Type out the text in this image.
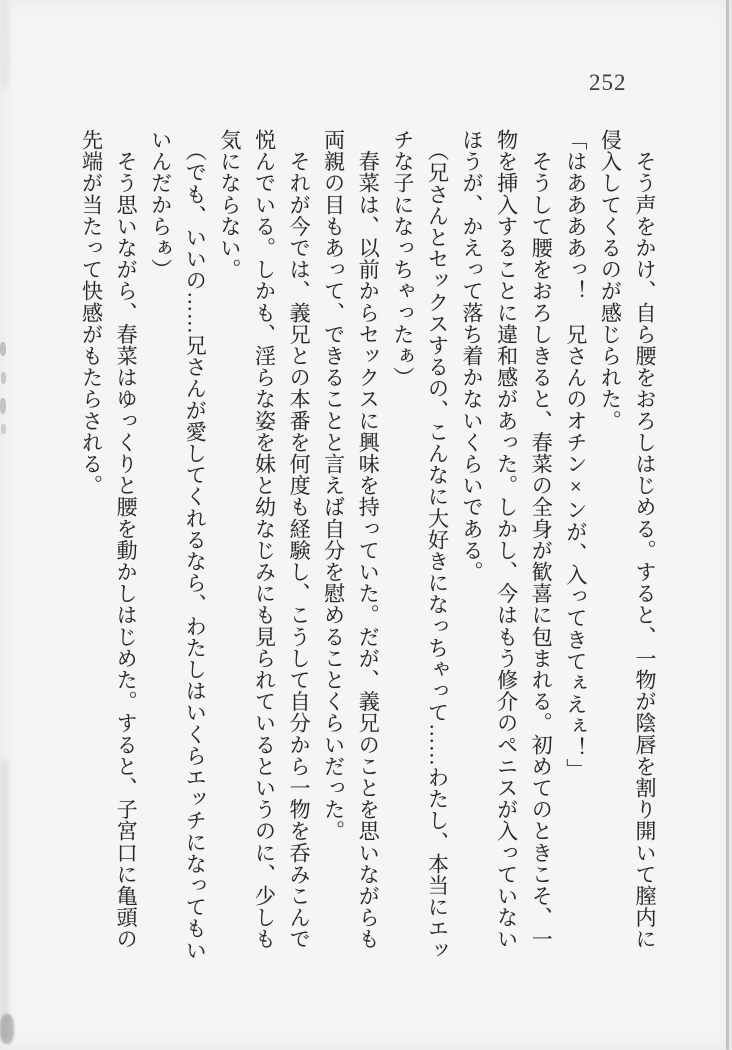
252
　そう声をかけ、自ら腰をおろしはじめる。すると、一物が陰唇を割り開いて膣内に
侵入してくるのが感じられた。
「はああああっ！　兄さんのオチン×ンが、入ってきてぇえぇ！」
　そうして腰をおろしきると、春菜の全身が歓喜に包まれる。初めてのときこそ、一
物を挿入することに違和感があった。しかし、今はもう修介のペニスが入っていない
ほうが、かえって落ち着かないくらいである。
　（兄さんとセックスするの、こんなに大好きになっちゃって……わたし、本当にエッ
チな子になっちゃったぁ）
　春菜は、以前からセックスに興味を持っていた。だが、義兄のことを思いながらも
両親の目もあって、できることと言えば自分を慰めることくらいだった。
　それが今では、義兄との本番を何度も経験し、こうして自分から一物を呑みこんで
悦んでいる。しかも、淫らな姿を妹と幼なじみにも見られているというのに、少しも
気にならない。
　（でも、いいの……兄さんが愛してくれるなら、わたしはいくらエッチになってもい
いんだからぁ）
　そう思いながら、春菜はゆっくりと腰を動かしはじめた。すると、子宮口に亀頭の
先端が当たって快感がもたらされる。
